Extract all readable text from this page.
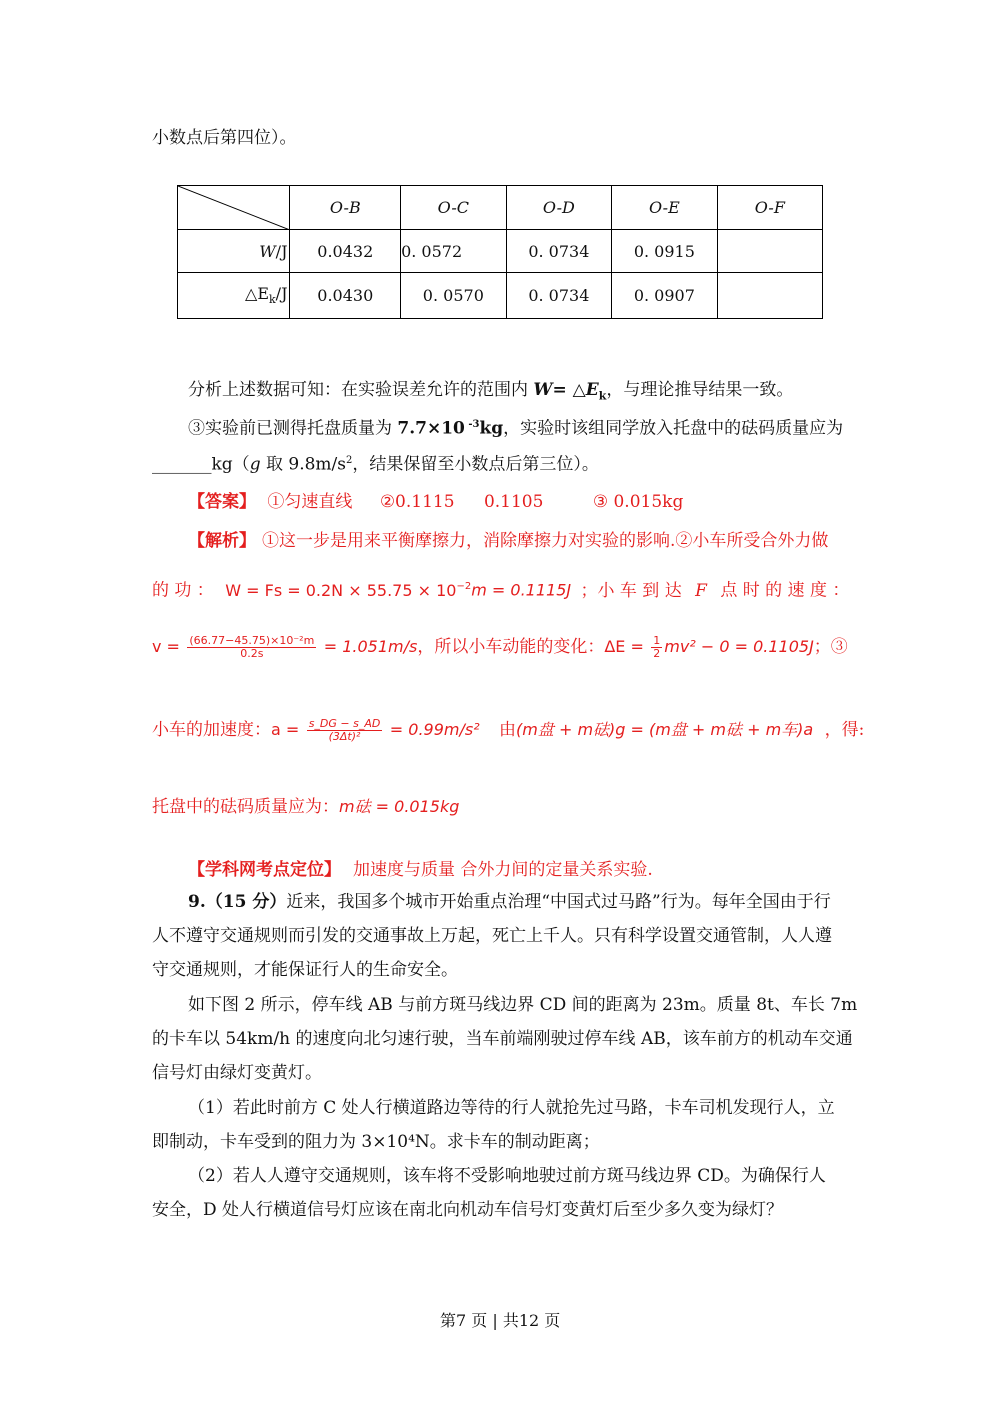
小数点后第四位）。
	O-B	O-C	O-D	O-E	O-F
W/J	0.0432	0. 0572	0. 0734	0. 0915	
$\triangle E_k/J$	0.0430	0. 0570	0. 0734	0. 0907	
分析上述数据可知：在实验误差允许的范围内 $W= \triangle E_k$，与理论推导结果一致。
③实验前已测得托盘质量为 7.7×10 $^{-3}$kg，实验时该组同学放入托盘中的砝码质量应为
_______kg（g 取 $9.8m/s^2$，结果保留至小数点后第三位）。
【答案】 ①匀速直线 ②0.1115 0.1105	③ 0.015kg
【解析】 ①这一步是用来平衡摩擦力，消除摩擦力对实验的影响.②小车所受合外力做
的 功 ： $W = Fs = 0.2N \times 55.75 \times 10^{-2}m = 0.1115J$ ；小 车 到 达 F 点 时 的 速 度 ：
$v = \frac{\text{(66.77−45.75)×10⁻²m}}{0.2s} = 1.051m/s$，所以小车动能的变化：$\Delta E = \frac{1}{2} mv^2 - 0 = 0.1105J$；③
小车的加速度：$a = \frac{s\_DG - s\_AD}{\text{(3Δt)²}} = 0.99m/s^2$ 由(m盘 + m砝)g = (m盘 + m砝 + m车)a ，得:
托盘中的砝码质量应为：m砝 = 0.015kg
【学科网考点定位】 加速度与质量 合外力间的定量关系实验.
9.（15 分）近来，我国多个城市开始重点治理“中国式过马路”行为。每年全国由于行
人不遵守交通规则而引发的交通事故上万起，死亡上千人。只有科学设置交通管制，人人遵
守交通规则，才能保证行人的生命安全。
如下图 2 所示，停车线 AB 与前方斑马线边界 CD 间的距离为 23m。质量 8t、车长 7m
的卡车以 54km/h 的速度向北匀速行驶，当车前端刚驶过停车线 AB，该车前方的机动车交通
信号灯由绿灯变黄灯。
（1）若此时前方 C 处人行横道路边等待的行人就抢先过马路，卡车司机发现行人，立
即制动，卡车受到的阻力为 3×10⁴N。求卡车的制动距离；
（2）若人人遵守交通规则，该车将不受影响地驶过前方斑马线边界 CD。为确保行人
安全，D 处人行横道信号灯应该在南北向机动车信号灯变黄灯后至少多久变为绿灯？
第7 页 | 共12 页
